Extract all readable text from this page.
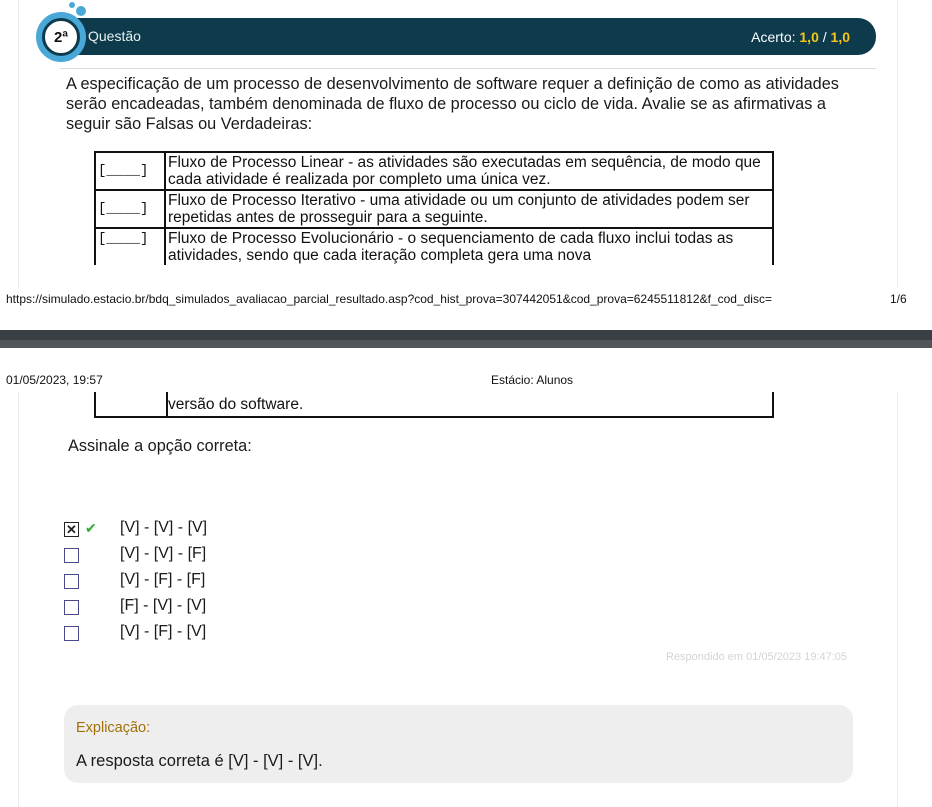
2ª	Questão	Acerto: 1,0 / 1,0
A especificação de um processo de desenvolvimento de software requer a definição de como as atividades serão encadeadas, também denominada de fluxo de processo ou ciclo de vida. Avalie se as afirmativas a seguir são Falsas ou Verdadeiras:
[____]	Fluxo de Processo Linear - as atividades são executadas em sequência, de modo que cada atividade é realizada por completo uma única vez.
[____]	Fluxo de Processo Iterativo - uma atividade ou um conjunto de atividades podem ser repetidas antes de prosseguir para a seguinte.
[____]	Fluxo de Processo Evolucionário - o sequenciamento de cada fluxo inclui todas as atividades, sendo que cada iteração completa gera uma nova
https://simulado.estacio.br/bdq_simulados_avaliacao_parcial_resultado.asp?cod_hist_prova=307442051&cod_prova=6245511812&f_cod_disc=	1/6
01/05/2023, 19:57	Estácio: Alunos
versão do software.
Assinale a opção correta:
✕ ✔ [V] - [V] - [V]
[V] - [V] - [F]
[V] - [F] - [F]
[F] - [V] - [V]
[V] - [F] - [V]
Respondido em 01/05/2023 19:47:05
Explicação:
A resposta correta é [V] - [V] - [V].
